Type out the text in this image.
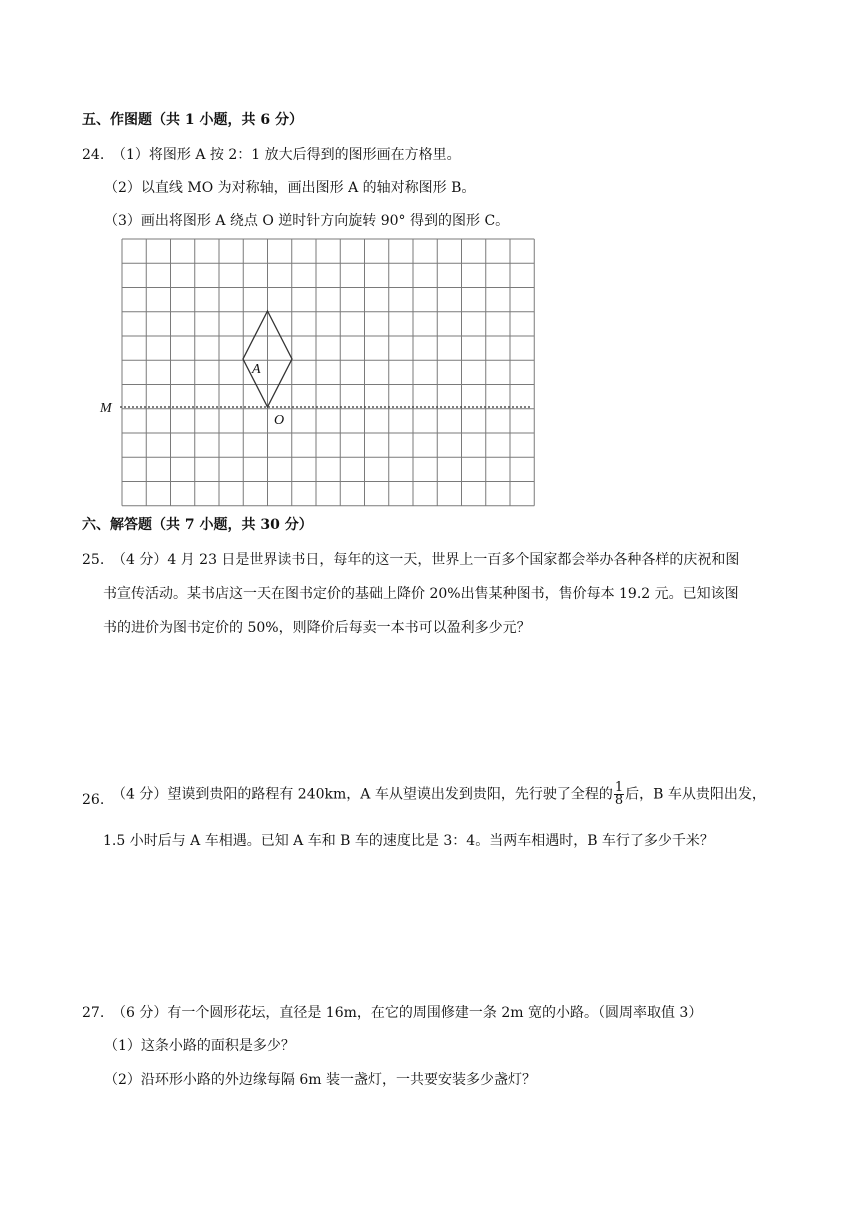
五、作图题（共 1 小题，共 6 分）
24. （1）将图形 A 按 2：1 放大后得到的图形画在方格里。
（2）以直线 MO 为对称轴，画出图形 A 的轴对称图形 B。
（3）画出将图形 A 绕点 O 逆时针方向旋转 90° 得到的图形 C。
M
A
O
六、解答题（共 7 小题，共 30 分）
25. （4 分）4 月 23 日是世界读书日，每年的这一天，世界上一百多个国家都会举办各种各样的庆祝和图
书宣传活动。某书店这一天在图书定价的基础上降价 20%出售某种图书，售价每本 19.2 元。已知该图
书的进价为图书定价的 50%，则降价后每卖一本书可以盈利多少元？
26. （4 分）望谟到贵阳的路程有 240km，A 车从望谟出发到贵阳，先行驶了全程的 $\frac{1}{8}$ 后，B 车从贵阳出发，
1.5 小时后与 A 车相遇。已知 A 车和 B 车的速度比是 3：4。当两车相遇时，B 车行了多少千米？
27. （6 分）有一个圆形花坛，直径是 16m，在它的周围修建一条 2m 宽的小路。（圆周率取值 3）
（1）这条小路的面积是多少？
（2）沿环形小路的外边缘每隔 6m 装一盏灯，一共要安装多少盏灯？
